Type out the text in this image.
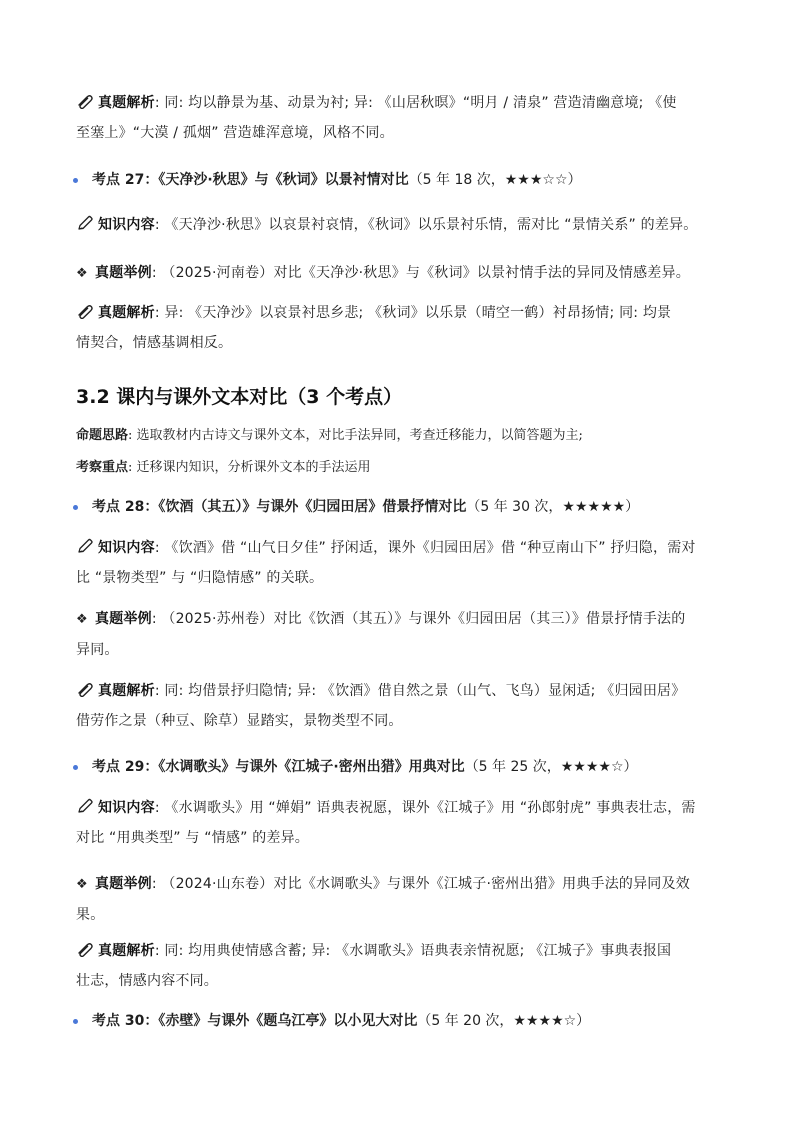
真题解析: 同: 均以静景为基、动景为衬; 异: 《山居秋暝》“明月 / 清泉” 营造清幽意境; 《使
至塞上》“大漠 / 孤烟” 营造雄浑意境，风格不同。
考点 27：《天净沙·秋思》与《秋词》以景衬情对比（5 年 18 次，★★★☆☆）
知识内容: 《天净沙·秋思》以哀景衬哀情，《秋词》以乐景衬乐情，需对比 “景情关系” 的差异。
❖ 真题举例: （2025·河南卷）对比《天净沙·秋思》与《秋词》以景衬情手法的异同及情感差异。
真题解析: 异: 《天净沙》以哀景衬思乡悲; 《秋词》以乐景（晴空一鹤）衬昂扬情; 同: 均景
情契合，情感基调相反。
3.2 课内与课外文本对比（3 个考点）
命题思路: 选取教材内古诗文与课外文本，对比手法异同，考查迁移能力，以简答题为主;
考察重点: 迁移课内知识，分析课外文本的手法运用
考点 28：《饮酒（其五）》与课外《归园田居》借景抒情对比（5 年 30 次，★★★★★）
知识内容: 《饮酒》借 “山气日夕佳” 抒闲适，课外《归园田居》借 “种豆南山下” 抒归隐，需对
比 “景物类型” 与 “归隐情感” 的关联。
❖ 真题举例: （2025·苏州卷）对比《饮酒（其五）》与课外《归园田居（其三）》借景抒情手法的
异同。
真题解析: 同: 均借景抒归隐情; 异: 《饮酒》借自然之景（山气、飞鸟）显闲适; 《归园田居》
借劳作之景（种豆、除草）显踏实，景物类型不同。
考点 29：《水调歌头》与课外《江城子·密州出猎》用典对比（5 年 25 次，★★★★☆）
知识内容: 《水调歌头》用 “婵娟” 语典表祝愿，课外《江城子》用 “孙郎射虎” 事典表壮志，需
对比 “用典类型” 与 “情感” 的差异。
❖ 真题举例: （2024·山东卷）对比《水调歌头》与课外《江城子·密州出猎》用典手法的异同及效
果。
真题解析: 同: 均用典使情感含蓄; 异: 《水调歌头》语典表亲情祝愿; 《江城子》事典表报国
壮志，情感内容不同。
考点 30：《赤壁》与课外《题乌江亭》以小见大对比（5 年 20 次，★★★★☆）
